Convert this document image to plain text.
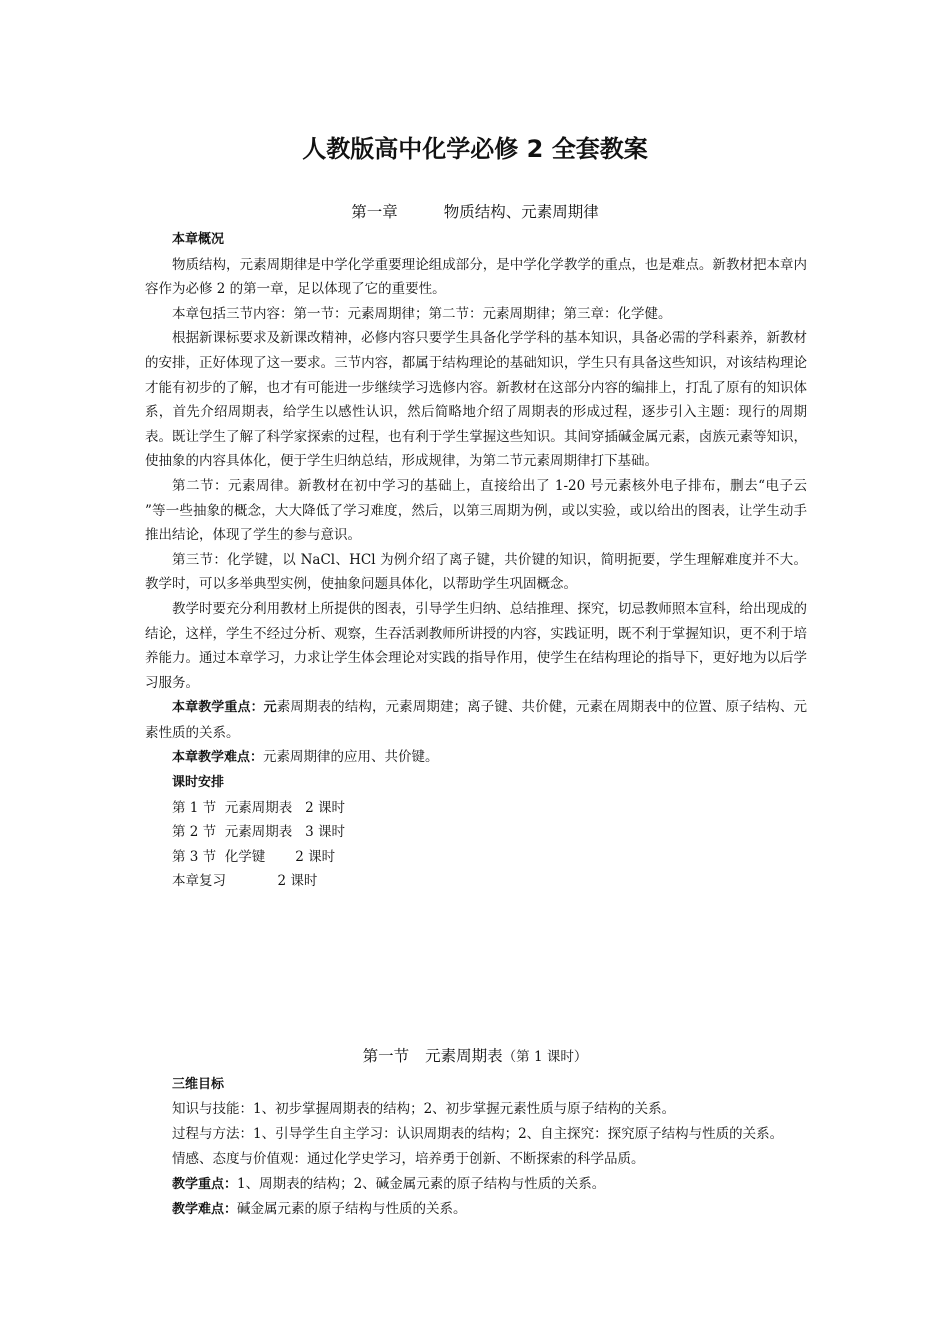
人教版高中化学必修 2 全套教案
第一章	物质结构、元素周期律
本章概况

物质结构，元素周期律是中学化学重要理论组成部分，是中学化学教学的重点，也是难点。新教材把本章内容作为必修 2 的第一章，足以体现了它的重要性。

本章包括三节内容：第一节：元素周期律；第二节：元素周期律；第三章：化学健。

根据新课标要求及新课改精神，必修内容只要学生具备化学学科的基本知识，具备必需的学科素养，新教材的安排，正好体现了这一要求。三节内容，都属于结构理论的基础知识，学生只有具备这些知识，对该结构理论才能有初步的了解，也才有可能进一步继续学习选修内容。新教材在这部分内容的编排上，打乱了原有的知识体系，首先介绍周期表，给学生以感性认识，然后简略地介绍了周期表的形成过程，逐步引入主题：现行的周期表。既让学生了解了科学家探索的过程，也有利于学生掌握这些知识。其间穿插碱金属元素，卤族元素等知识，使抽象的内容具体化，便于学生归纳总结，形成规律，为第二节元素周期律打下基础。

第二节：元素周律。新教材在初中学习的基础上，直接给出了 1-20 号元素核外电子排布，删去“电子云 ”等一些抽象的概念，大大降低了学习难度，然后，以第三周期为例，或以实验，或以给出的图表，让学生动手推出结论，体现了学生的参与意识。

第三节：化学键，以 NaCl、HCl 为例介绍了离子键，共价键的知识，简明扼要，学生理解难度并不大。教学时，可以多举典型实例，使抽象问题具体化，以帮助学生巩固概念。

教学时要充分利用教材上所提供的图表，引导学生归纳、总结推理、探究，切忌教师照本宣科，给出现成的结论，这样，学生不经过分析、观察，生吞活剥教师所讲授的内容，实践证明，既不利于掌握知识，更不利于培养能力。通过本章学习，力求让学生体会理论对实践的指导作用，使学生在结构理论的指导下，更好地为以后学习服务。

本章教学重点：元素周期表的结构，元素周期建；离子键、共价健，元素在周期表中的位置、原子结构、元素性质的关系。

本章教学难点：元素周期律的应用、共价键。

课时安排
第 1 节  元素周期表   2 课时
第 2 节  元素周期表   3 课时
第 3 节  化学键       2 课时
本章复习            2 课时
第一节 元素周期表（第 1 课时）
三维目标
知识与技能：1、初步掌握周期表的结构；2、初步掌握元素性质与原子结构的关系。
过程与方法：1、引导学生自主学习：认识周期表的结构；2、自主探究：探究原子结构与性质的关系。
情感、态度与价值观：通过化学史学习，培养勇于创新、不断探索的科学品质。
教学重点：1、周期表的结构；2、碱金属元素的原子结构与性质的关系。
教学难点：碱金属元素的原子结构与性质的关系。
